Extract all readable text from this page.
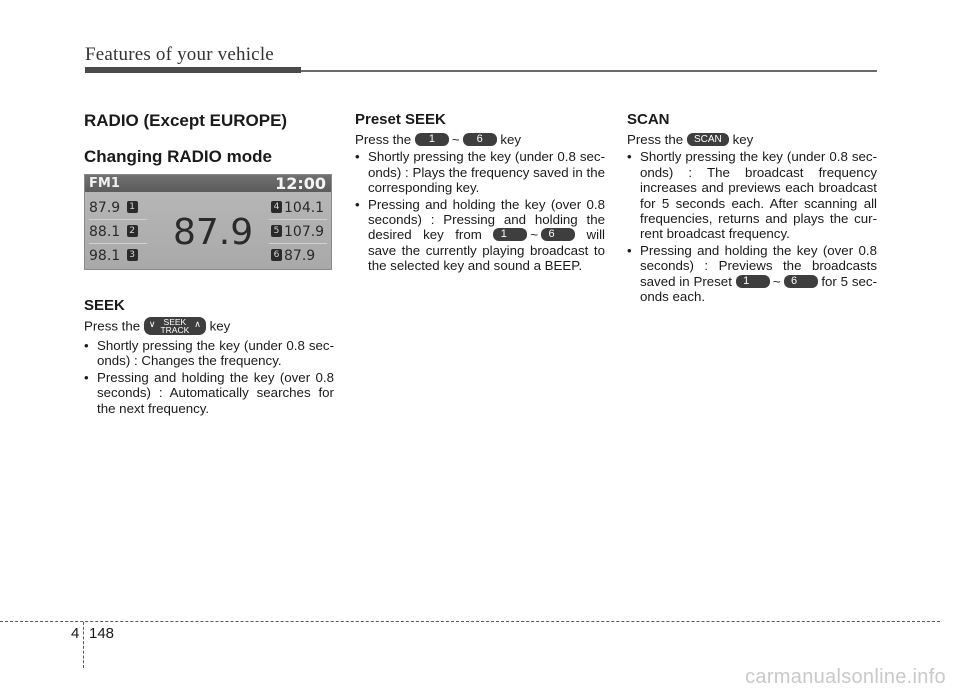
Features of your vehicle
RADIO (Except EUROPE)
Changing RADIO mode
FM1	12:00
87.9 1
88.1 2
98.1 3
87.9
4 104.1
5 107.9
6 87.9
SEEK

Press the ∨ SEEK
TRACK
∧ key

• Shortly pressing the key (under 0.8 sec-onds) : Changes the frequency.
• Pressing and holding the key (over 0.8 seconds) : Automatically searches for the next frequency.
Preset SEEK

Press the 1 ~ 6 key

• Shortly pressing the key (under 0.8 sec-onds) : Plays the frequency saved in the corresponding key.
• Pressing and holding the key (over 0.8 seconds) : Pressing and holding the desired key from 1 ~ 6 will save the currently playing broadcast to the selected key and sound a BEEP.
SCAN

Press the SCAN key

• Shortly pressing the key (under 0.8 sec-onds) : The broadcast frequency increases and previews each broadcast for 5 seconds each. After scanning all frequencies, returns and plays the cur-rent broadcast frequency.
• Pressing and holding the key (over 0.8 seconds) : Previews the broadcasts saved in Preset 1 ~ 6 for 5 sec-onds each.
4 148
carmanualsonline.info
